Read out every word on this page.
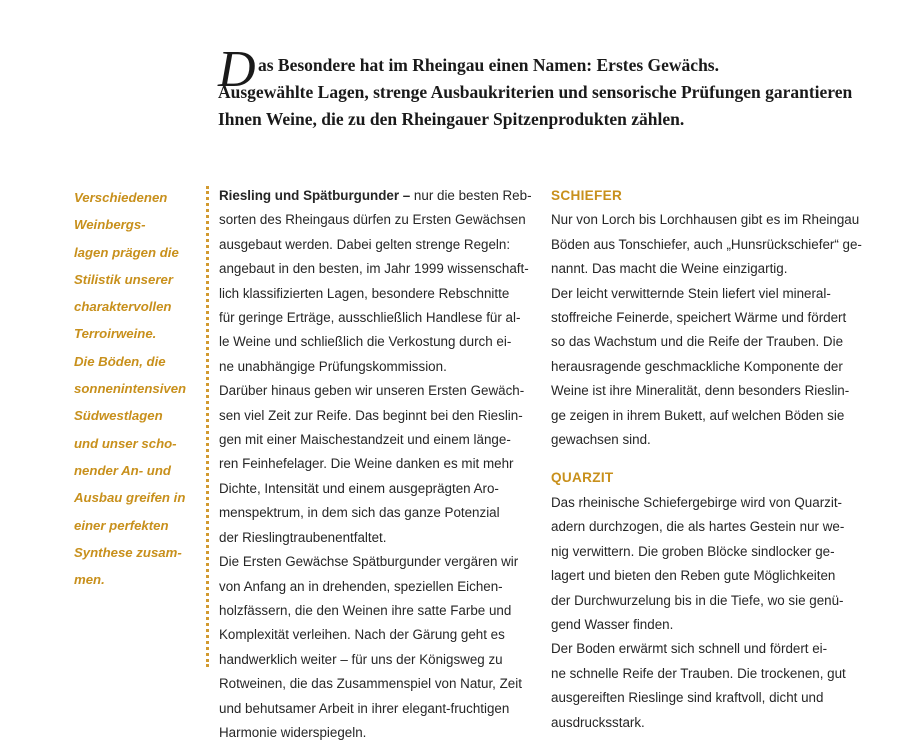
D as Besondere hat im Rheingau einen Namen: Erstes Gewächs.
Ausgewählte Lagen, strenge Ausbaukriterien und sensorische Prüfungen garantieren
Ihnen Weine, die zu den Rheingauer Spitzenprodukten zählen.
Verschiedenen
Weinbergs-
lagen prägen die
Stilistik unserer
charaktervollen
Terroirweine.
Die Böden, die
sonnenintensiven
Südwestlagen
und unser scho-
nender An- und
Ausbau greifen in
einer perfekten
Synthese zusam-
men.
Riesling und Spätburgunder – nur die besten Reb-
sorten des Rheingaus dürfen zu Ersten Gewächsen
ausgebaut werden. Dabei gelten strenge Regeln:
angebaut in den besten, im Jahr 1999 wissenschaft-
lich klassifizierten Lagen, besondere Rebschnitte
für geringe Erträge, ausschließlich Handlese für al-
le Weine und schließlich die Verkostung durch ei-
ne unabhängige Prüfungskommission.
Darüber hinaus geben wir unseren Ersten Gewäch-
sen viel Zeit zur Reife. Das beginnt bei den Rieslin-
gen mit einer Maischestandzeit und einem länge-
ren Feinhefelager. Die Weine danken es mit mehr
Dichte, Intensität und einem ausgeprägten Aro-
menspektrum, in dem sich das ganze Potenzial
der Rieslingtraubenentfaltet.
Die Ersten Gewächse Spätburgunder vergären wir
von Anfang an in drehenden, speziellen Eichen-
holzfässern, die den Weinen ihre satte Farbe und
Komplexität verleihen. Nach der Gärung geht es
handwerklich weiter – für uns der Königsweg zu
Rotweinen, die das Zusammenspiel von Natur, Zeit
und behutsamer Arbeit in ihrer elegant-fruchtigen
Harmonie widerspiegeln.
SCHIEFER
Nur von Lorch bis Lorchhausen gibt es im Rheingau
Böden aus Tonschiefer, auch „Hunsrückschiefer“ ge-
nannt. Das macht die Weine einzigartig.
Der leicht verwitternde Stein liefert viel mineral-
stoffreiche Feinerde, speichert Wärme und fördert
so das Wachstum und die Reife der Trauben. Die
herausragende geschmackliche Komponente der
Weine ist ihre Mineralität, denn besonders Rieslin-
ge zeigen in ihrem Bukett, auf welchen Böden sie
gewachsen sind.
QUARZIT
Das rheinische Schiefergebirge wird von Quarzit-
adern durchzogen, die als hartes Gestein nur we-
nig verwittern. Die groben Blöcke sindlocker ge-
lagert und bieten den Reben gute Möglichkeiten
der Durchwurzelung bis in die Tiefe, wo sie genü-
gend Wasser finden.
Der Boden erwärmt sich schnell und fördert ei-
ne schnelle Reife der Trauben. Die trockenen, gut
ausgereiften Rieslinge sind kraftvoll, dicht und
ausdrucksstark.
